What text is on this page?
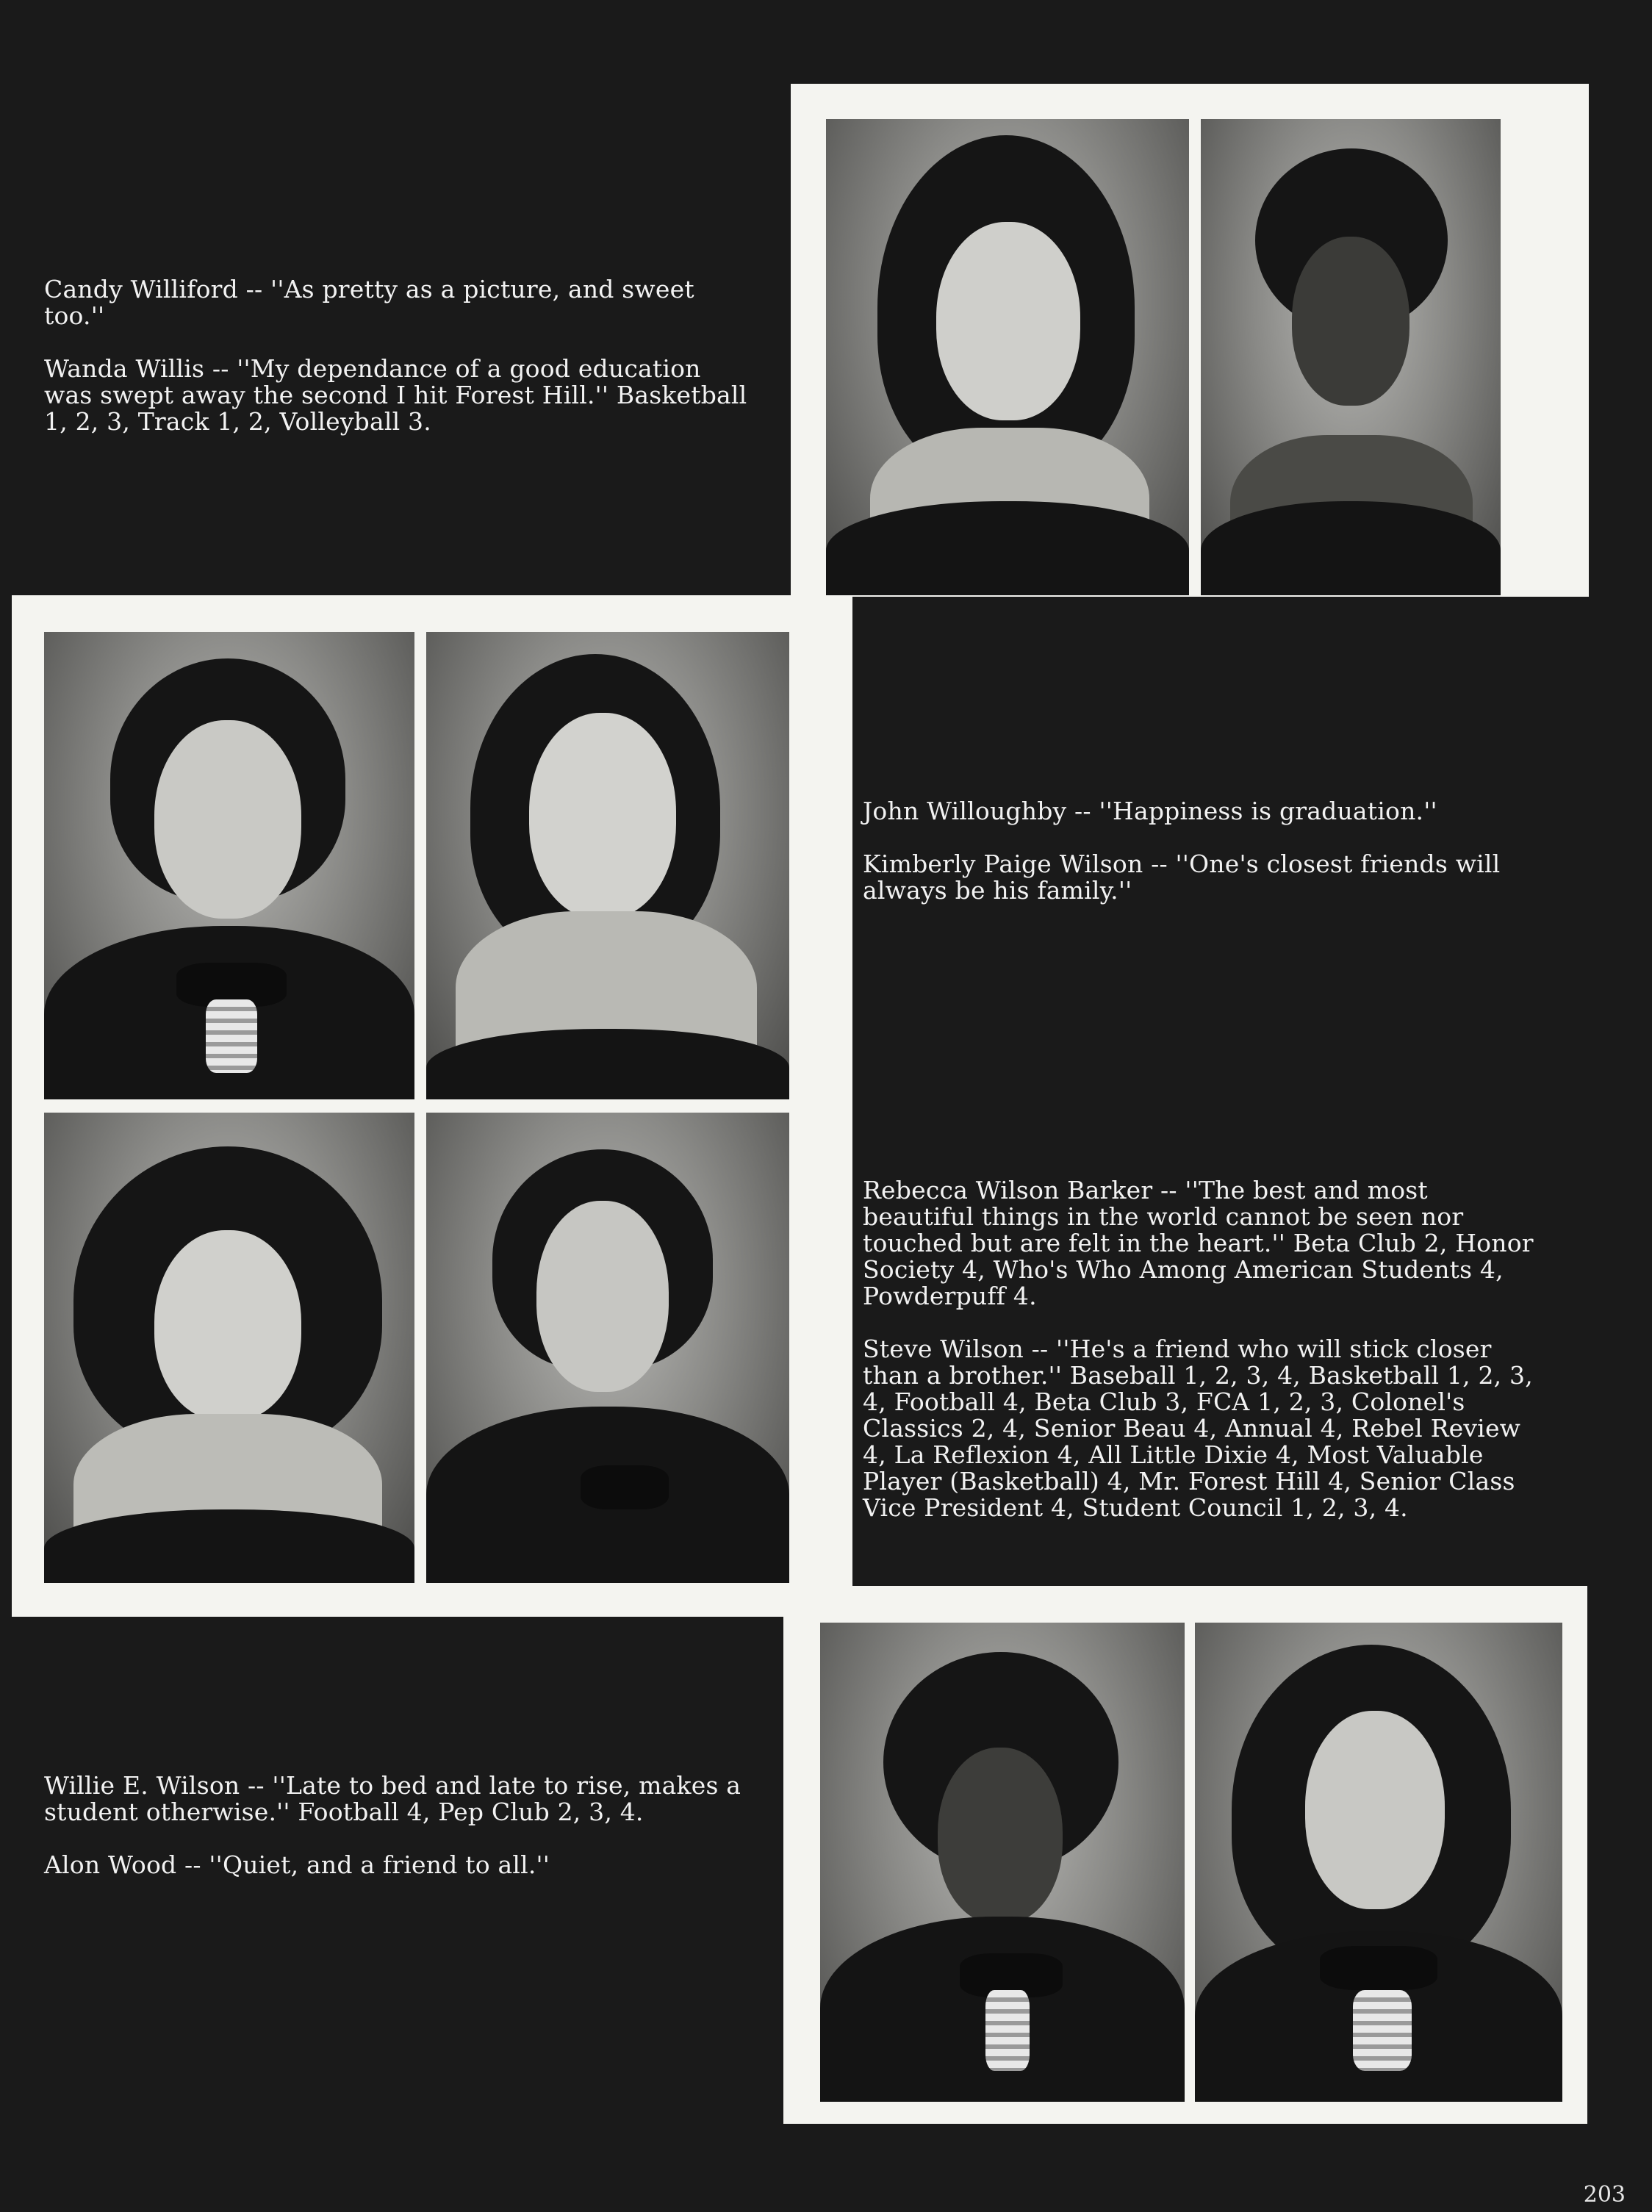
Candy Williford -- ''As pretty as a picture, and sweet too.''

Wanda Willis -- ''My dependance of a good education was swept away the second I hit Forest Hill.'' Basketball 1, 2, 3, Track 1, 2, Volleyball 3.

John Willoughby -- ''Happiness is graduation.''

Kimberly Paige Wilson -- ''One's closest friends will always be his family.''

Rebecca Wilson Barker -- ''The best and most beautiful things in the world cannot be seen nor touched but are felt in the heart.'' Beta Club 2, Honor Society 4, Who's Who Among American Students 4, Powderpuff 4.

Steve Wilson -- ''He's a friend who will stick closer than a brother.'' Baseball 1, 2, 3, 4, Basketball 1, 2, 3, 4, Football 4, Beta Club 3, FCA 1, 2, 3, Colonel's Classics 2, 4, Senior Beau 4, Annual 4, Rebel Review 4, La Reflexion 4, All Little Dixie 4, Most Valuable Player (Basketball) 4, Mr. Forest Hill 4, Senior Class Vice President 4, Student Council 1, 2, 3, 4.

Willie E. Wilson -- ''Late to bed and late to rise, makes a student otherwise.'' Football 4, Pep Club 2, 3, 4.

Alon Wood -- ''Quiet, and a friend to all.''

203
